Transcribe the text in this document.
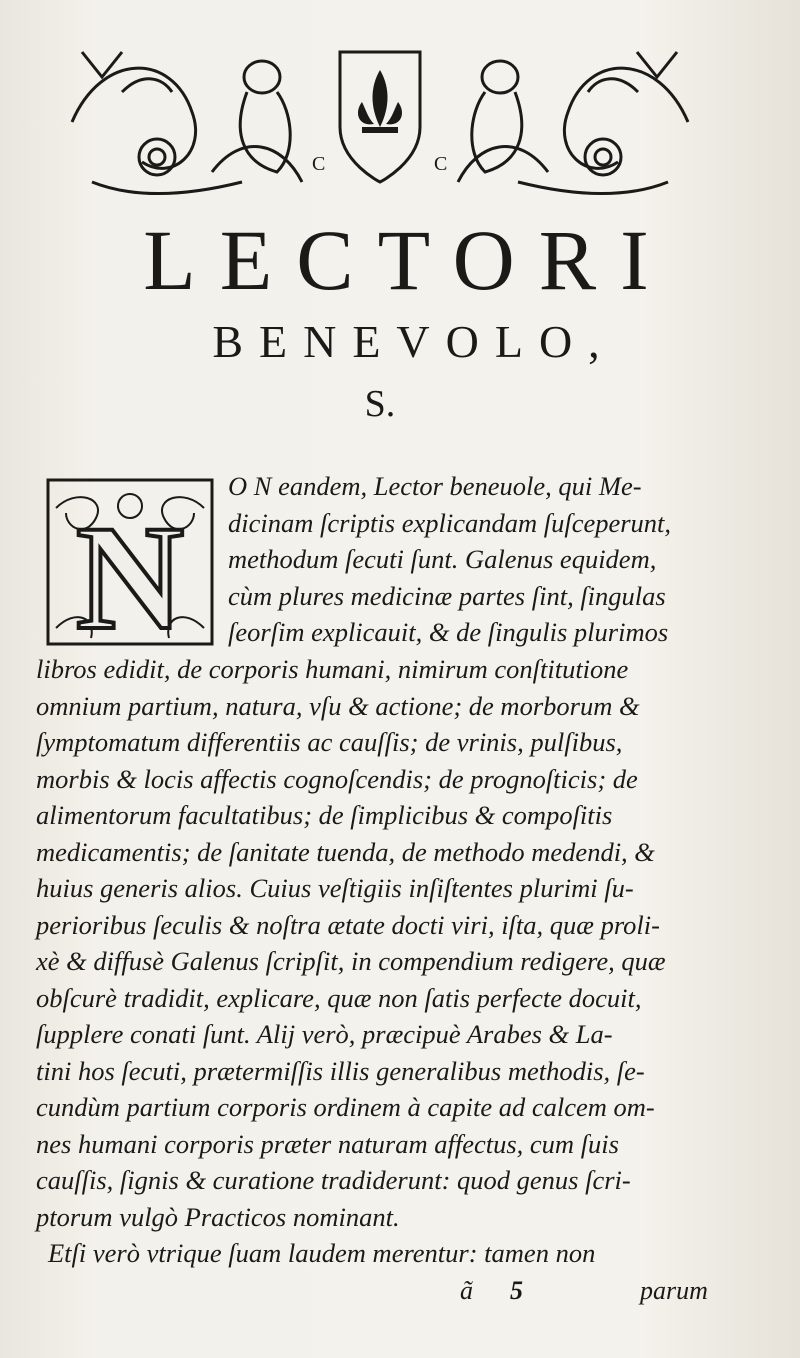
C	C
LECTORI
BENEVOLO,
S.
N
O N eandem, Lector beneuole, qui Me-
dicinam ſcriptis explicandam ſuſceperunt,
methodum ſecuti ſunt. Galenus equidem,
cùm plures medicinæ partes ſint, ſingulas
ſeorſim explicauit, & de ſingulis plurimos
libros edidit, de corporis humani, nimirum conſtitutione
omnium partium, natura, vſu & actione; de morborum &
ſymptomatum differentiis ac cauſſis; de vrinis, pulſibus,
morbis & locis affectis cognoſcendis; de prognoſticis; de
alimentorum facultatibus; de ſimplicibus & compoſitis
medicamentis; de ſanitate tuenda, de methodo medendi, &
huius generis alios. Cuius veſtigiis inſiſtentes plurimi ſu-
perioribus ſeculis & noſtra ætate docti viri, iſta, quæ proli-
xè & diffusè Galenus ſcripſit, in compendium redigere, quæ
obſcurè tradidit, explicare, quæ non ſatis perfecte docuit,
ſupplere conati ſunt. Alij verò, præcipuè Arabes & La-
tini hos ſecuti, prætermiſſis illis generalibus methodis, ſe-
cundùm partium corporis ordinem à capite ad calcem om-
nes humani corporis præter naturam affectus, cum ſuis
cauſſis, ſignis & curatione tradiderunt: quod genus ſcri-
ptorum vulgò Practicos nominant.
Etſi verò vtrique ſuam laudem merentur: tamen non
ã 5	parum
